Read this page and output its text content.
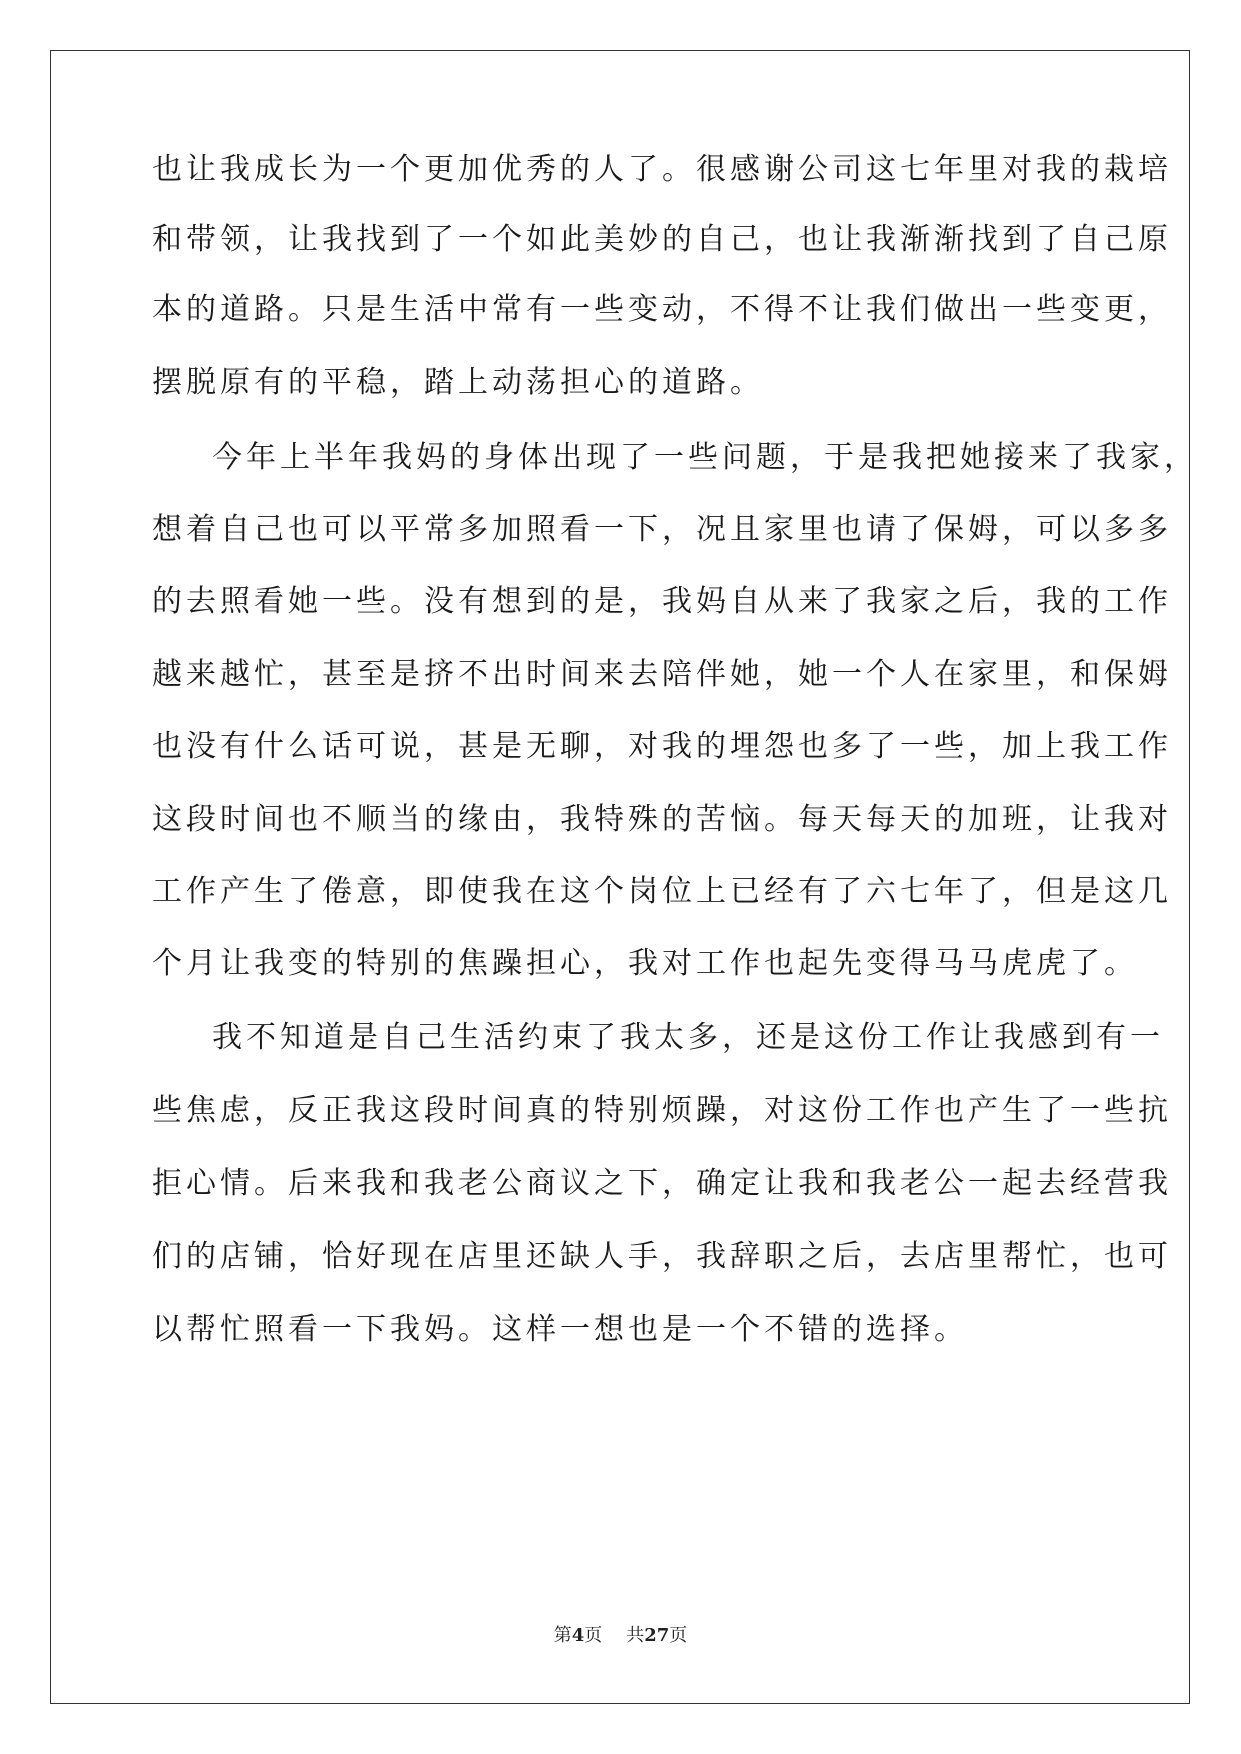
也让我成长为一个更加优秀的人了。很感谢公司这七年里对我的栽培
和带领，让我找到了一个如此美妙的自己，也让我渐渐找到了自己原
本的道路。只是生活中常有一些变动，不得不让我们做出一些变更，
摆脱原有的平稳，踏上动荡担心的道路。
今年上半年我妈的身体出现了一些问题，于是我把她接来了我家，
想着自己也可以平常多加照看一下，况且家里也请了保姆，可以多多
的去照看她一些。没有想到的是，我妈自从来了我家之后，我的工作
越来越忙，甚至是挤不出时间来去陪伴她，她一个人在家里，和保姆
也没有什么话可说，甚是无聊，对我的埋怨也多了一些，加上我工作
这段时间也不顺当的缘由，我特殊的苦恼。每天每天的加班，让我对
工作产生了倦意，即使我在这个岗位上已经有了六七年了，但是这几
个月让我变的特别的焦躁担心，我对工作也起先变得马马虎虎了。
我不知道是自己生活约束了我太多，还是这份工作让我感到有一
些焦虑，反正我这段时间真的特别烦躁，对这份工作也产生了一些抗
拒心情。后来我和我老公商议之下，确定让我和我老公一起去经营我
们的店铺，恰好现在店里还缺人手，我辞职之后，去店里帮忙，也可
以帮忙照看一下我妈。这样一想也是一个不错的选择。
第4页 共27页
